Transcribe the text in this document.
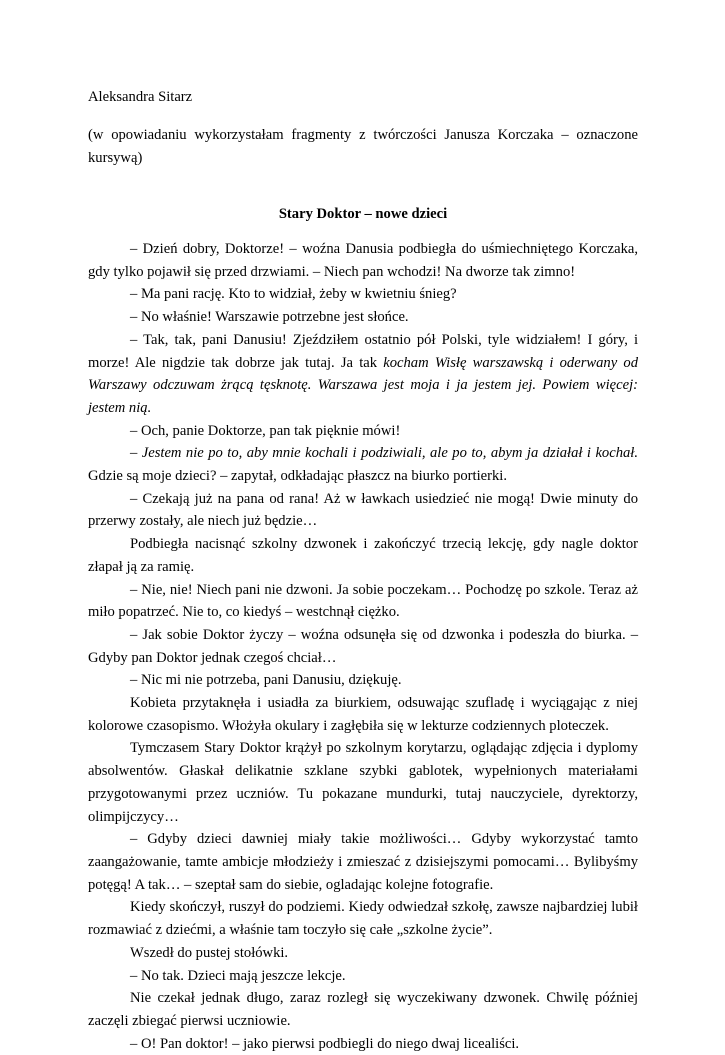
Aleksandra Sitarz
(w opowiadaniu wykorzystałam fragmenty z twórczości Janusza Korczaka – oznaczone kursywą)
Stary Doktor – nowe dzieci

– Dzień dobry, Doktorze! – woźna Danusia podbiegła do uśmiechniętego Korczaka, gdy tylko pojawił się przed drzwiami. – Niech pan wchodzi! Na dworze tak zimno!

– Ma pani rację. Kto to widział, żeby w kwietniu śnieg?

– No właśnie! Warszawie potrzebne jest słońce.

– Tak, tak, pani Danusiu! Zjeździłem ostatnio pół Polski, tyle widziałem! I góry, i morze! Ale nigdzie tak dobrze jak tutaj. Ja tak kocham Wisłę warszawską i oderwany od Warszawy odczuwam żrącą tęsknotę. Warszawa jest moja i ja jestem jej. Powiem więcej: jestem nią.

– Och, panie Doktorze, pan tak pięknie mówi!

– Jestem nie po to, aby mnie kochali i podziwiali, ale po to, abym ja działał i kochał. Gdzie są moje dzieci? – zapytał, odkładając płaszcz na biurko portierki.

– Czekają już na pana od rana! Aż w ławkach usiedzieć nie mogą! Dwie minuty do przerwy zostały, ale niech już będzie…

Podbiegła nacisnąć szkolny dzwonek i zakończyć trzecią lekcję, gdy nagle doktor złapał ją za ramię.

– Nie, nie! Niech pani nie dzwoni. Ja sobie poczekam… Pochodzę po szkole. Teraz aż miło popatrzeć. Nie to, co kiedyś – westchnął ciężko.

– Jak sobie Doktor życzy – woźna odsunęła się od dzwonka i podeszła do biurka. – Gdyby pan Doktor jednak czegoś chciał…

– Nic mi nie potrzeba, pani Danusiu, dziękuję.

Kobieta przytaknęła i usiadła za biurkiem, odsuwając szufladę i wyciągając z niej kolorowe czasopismo. Włożyła okulary i zagłębiła się w lekturze codziennych ploteczek.

Tymczasem Stary Doktor krążył po szkolnym korytarzu, oglądając zdjęcia i dyplomy absolwentów. Głaskał delikatnie szklane szybki gablotek, wypełnionych materiałami przygotowanymi przez uczniów. Tu pokazane mundurki, tutaj nauczyciele, dyrektorzy, olimpijczycy…

– Gdyby dzieci dawniej miały takie możliwości… Gdyby wykorzystać tamto zaangażowanie, tamte ambicje młodzieży i zmieszać z dzisiejszymi pomocami… Bylibyśmy potęgą! A tak… – szeptał sam do siebie, ogladając kolejne fotografie.

Kiedy skończył, ruszył do podziemi. Kiedy odwiedzał szkołę, zawsze najbardziej lubił rozmawiać z dziećmi, a właśnie tam toczyło się całe „szkolne życie”.

Wszedł do pustej stołówki.

– No tak. Dzieci mają jeszcze lekcje.

Nie czekał jednak długo, zaraz rozległ się wyczekiwany dzwonek. Chwilę później zaczęli zbiegać pierwsi uczniowie.

– O! Pan doktor! – jako pierwsi podbiegli do niego dwaj licealiści.
